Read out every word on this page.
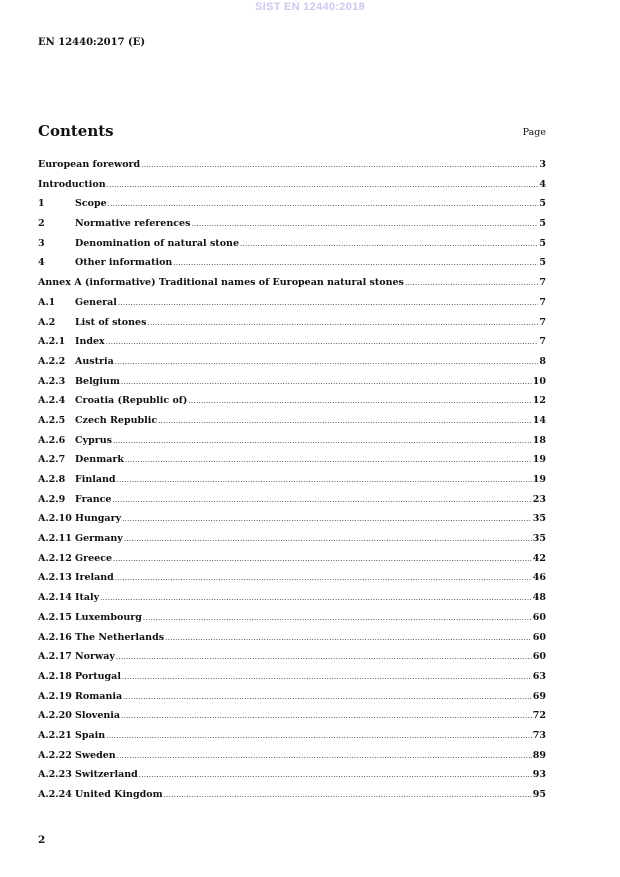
SIST EN 12440:2018
EN 12440:2017 (E)
Contents	Page
European foreword .....	3
Introduction .....	4
1	Scope .....	5
2	Normative references .....	5
3	Denomination of natural stone .....	5
4	Other information .....	5
Annex A (informative) Traditional names of European natural stones .....	7
A.1	General .....	7
A.2	List of stones .....	7
A.2.1	Index .....	7
A.2.2	Austria .....	8
A.2.3	Belgium .....	10
A.2.4	Croatia (Republic of) .....	12
A.2.5	Czech Republic .....	14
A.2.6	Cyprus .....	18
A.2.7	Denmark .....	19
A.2.8	Finland .....	19
A.2.9	France .....	23
A.2.10 Hungary .....	35
A.2.11 Germany .....	35
A.2.12 Greece .....	42
A.2.13 Ireland .....	46
A.2.14 Italy .....	48
A.2.15 Luxembourg .....	60
A.2.16 The Netherlands .....	60
A.2.17 Norway .....	60
A.2.18 Portugal .....	63
A.2.19 Romania .....	69
A.2.20 Slovenia .....	72
A.2.21 Spain .....	73
A.2.22 Sweden .....	89
A.2.23 Switzerland .....	93
A.2.24 United Kingdom .....	95
2
